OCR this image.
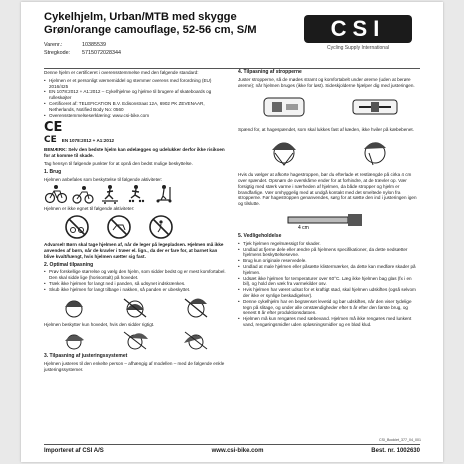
Cykelhjelm, Urban/MTB med skygge
Grøn/orange camouflage, 52-56 cm, S/M
Varenr.:	10385539
Stregkode: 5715072028344
CSI
Cycling Supply International
Denne hjelm er certificeret i overensstemmelse med den følgende standard:
• Hjelmen er et personligt værnemiddel og stemmer overens med forordning (EU) 2016/425
• EN 1078:2012 + A1:2012 – Cykelhjelme og hjelme til brugere af skateboards og rulleskøjter
• Certificeret af: TELEFICATION B.V. Edisonstraat 12A, 6902 PK ZEVENAAR, Netherlands, Notified Body No: 0560
• Overensstemmelseserklæring: www.csi-bike.com
CE
CE EN 1078:2012 + A1:2012
BEMÆRK: Selv den bedste hjelm kan ødelægges og udelukker derfor ikke risikoen for at komme til skade.
Tag hensyn til følgende punkter for at opnå den bedst mulige beskyttelse.
1. Brug
Hjelmen anbefales som beskyttelse til følgende aktiviteter:
Hjelmen er ikke egnet til følgende aktiviteter:
Advarsel! Børn skal tage hjelmen af, når de leger på legepladsen. Hjelmen må ikke anvendes af børn, når de kravler i træer el. lign., da der er fare for, at barnet kan blive kvalt/hængt, hvis hjelmen sætter sig fast.
2. Optimal tilpasning
• Prøv forskellige størrelse og vælg den hjelm, som sidder bedst og er mest komfortabel. Den skal sidde lige (horisontalt) på hovedet.
• Træk ikke hjelmen for langt ned i panden, så udsynet indskrænkes.
• Skub ikke hjelmen for langt tilbage i nakken, så panden er ubeskyttet.
Hjelmen beskytter kun hovedet, hvis den sidder rigtigt.
3. Tilpasning af justeringssystemet
Hjelmen justeres til den enkelte person – afhængig af modellen – med de følgende enkle justeringssystemer.
4. Tilpasning af stropperne
Juster stropperne, så de mødes stramt og komfortabelt under ørerne (uden at berøre ørerne); når hjelmen bruges (ikke for løst). Sideskjolderne hjælper dig med justeringen.
Spænd for, at hagespændet, som skal lukkes fast af kæden, ikke hviler på kæbebenet.
Hvis du vælger at afkorte hagestroppen, bør du efterlade et restlængde på cirka 4 cm over spændet. Opsnøm de overskårne ender for at forhindre, at de trævler op. Vær forsigtig med stærk varme i nærheden af hjelmen, da både stropper og hjelm er brandfarlige. Vær omhyggelig med at undgå kontakt med det smeltede nylon fra stropperne. Før hagestroppen genanvendes, sørg for at sætte den ind i justeringen igen og tilslutte.
4 cm
5. Vedligeholdelse
• Tjek hjelmen regelmæssigt for skader.
• Undlad at fjerne dele eller ændre på hjelmens specifikationer, da dette nedsætter hjelmens beskyttelsesevne.
• Brug kun originale reservedele.
• Undlad at male hjelmen eller påsætte klistermærker, da dette kan medføre skader på hjelmen.
• Udsæt ikke hjelmen for temperaturer over 60°C. Læg ikke hjelmen bag glas (fx i en bil), og hold den væk fra varmekilder osv.
• Hvis hjelmen har været udsat for et kraftigt stød, skal hjelmen udskiftes (også selvom der ikke er synlige beskadigelser).
• Denne cykelhjelm har en begrænset levetid og bør udskiftes, når den viser tydelige tegn på slitage, og under alle omstændigheder efter 5 år efter den første brug, og senest 8 år efter produktionsdatoen.
• Hjelmen må kun rengøres med sæbevand. Hjelmen må ikke rengøres med lunkent vand, rengøringsmidler uden opløsningsmidler og en blød klud.
CSI_Booklet_377_04_001
Importeret af CSI A/S	www.csi-bike.com	Best. nr. 1002630
